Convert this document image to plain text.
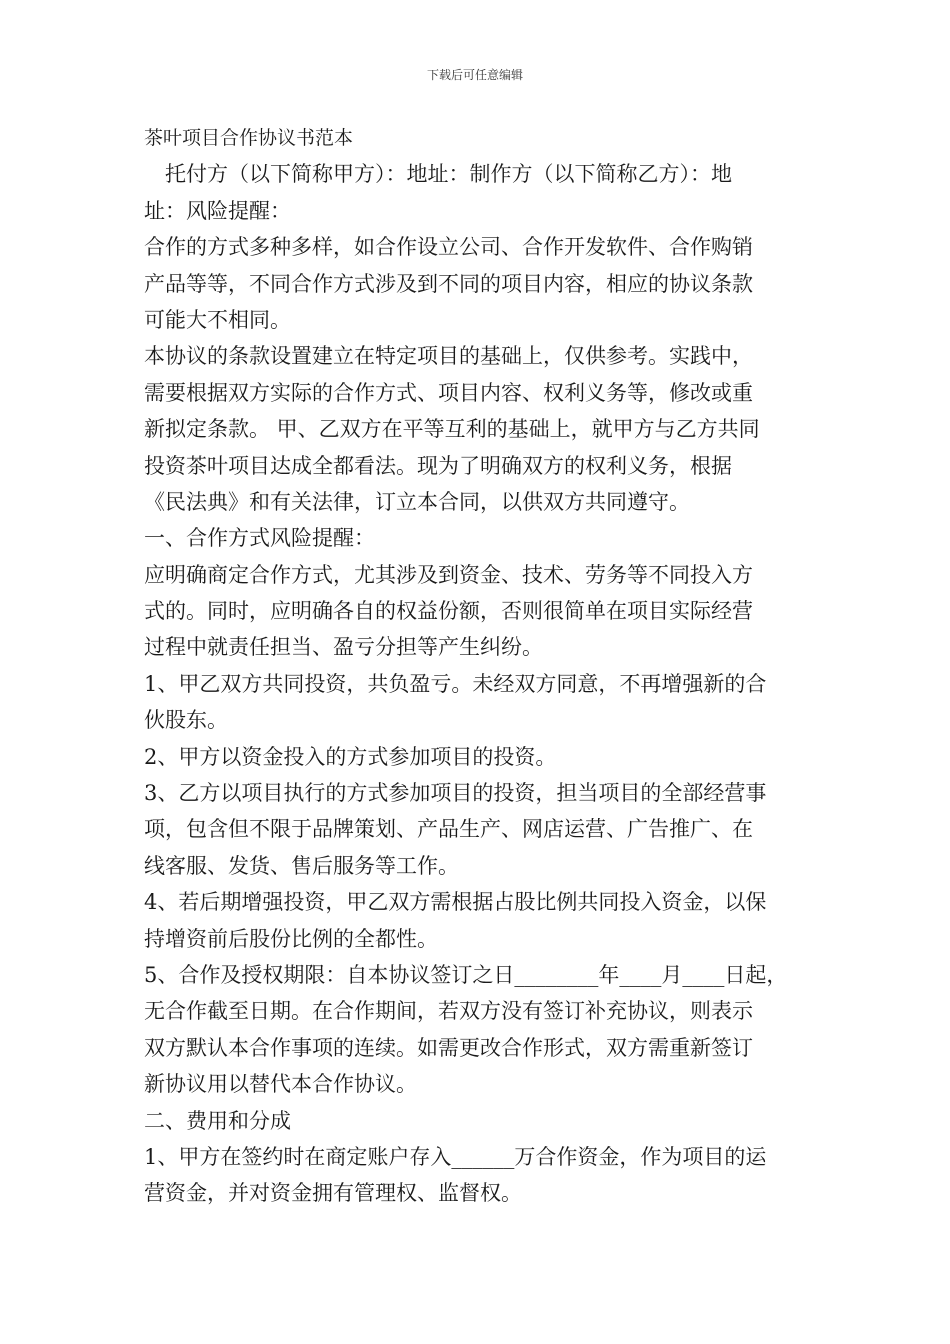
下载后可任意编辑
茶叶项目合作协议书范本
　托付方（以下简称甲方）：地址：制作方（以下简称乙方）：地
址：风险提醒：
合作的方式多种多样，如合作设立公司、合作开发软件、合作购销
产品等等，不同合作方式涉及到不同的项目内容，相应的协议条款
可能大不相同。
本协议的条款设置建立在特定项目的基础上，仅供参考。实践中，
需要根据双方实际的合作方式、项目内容、权利义务等，修改或重
新拟定条款。 甲、乙双方在平等互利的基础上，就甲方与乙方共同
投资茶叶项目达成全都看法。现为了明确双方的权利义务，根据
《民法典》和有关法律，订立本合同，以供双方共同遵守。
一、合作方式风险提醒：
应明确商定合作方式，尤其涉及到资金、技术、劳务等不同投入方
式的。同时，应明确各自的权益份额，否则很简单在项目实际经营
过程中就责任担当、盈亏分担等产生纠纷。
1、甲乙双方共同投资，共负盈亏。未经双方同意，不再增强新的合
伙股东。
2、甲方以资金投入的方式参加项目的投资。
3、乙方以项目执行的方式参加项目的投资，担当项目的全部经营事
项，包含但不限于品牌策划、产品生产、网店运营、广告推广、在
线客服、发货、售后服务等工作。
4、若后期增强投资，甲乙双方需根据占股比例共同投入资金，以保
持增资前后股份比例的全都性。
5、合作及授权期限：自本协议签订之日________年____月____日起，
无合作截至日期。在合作期间，若双方没有签订补充协议，则表示
双方默认本合作事项的连续。如需更改合作形式，双方需重新签订
新协议用以替代本合作协议。
二、费用和分成
1、甲方在签约时在商定账户存入______万合作资金，作为项目的运
营资金，并对资金拥有管理权、监督权。
